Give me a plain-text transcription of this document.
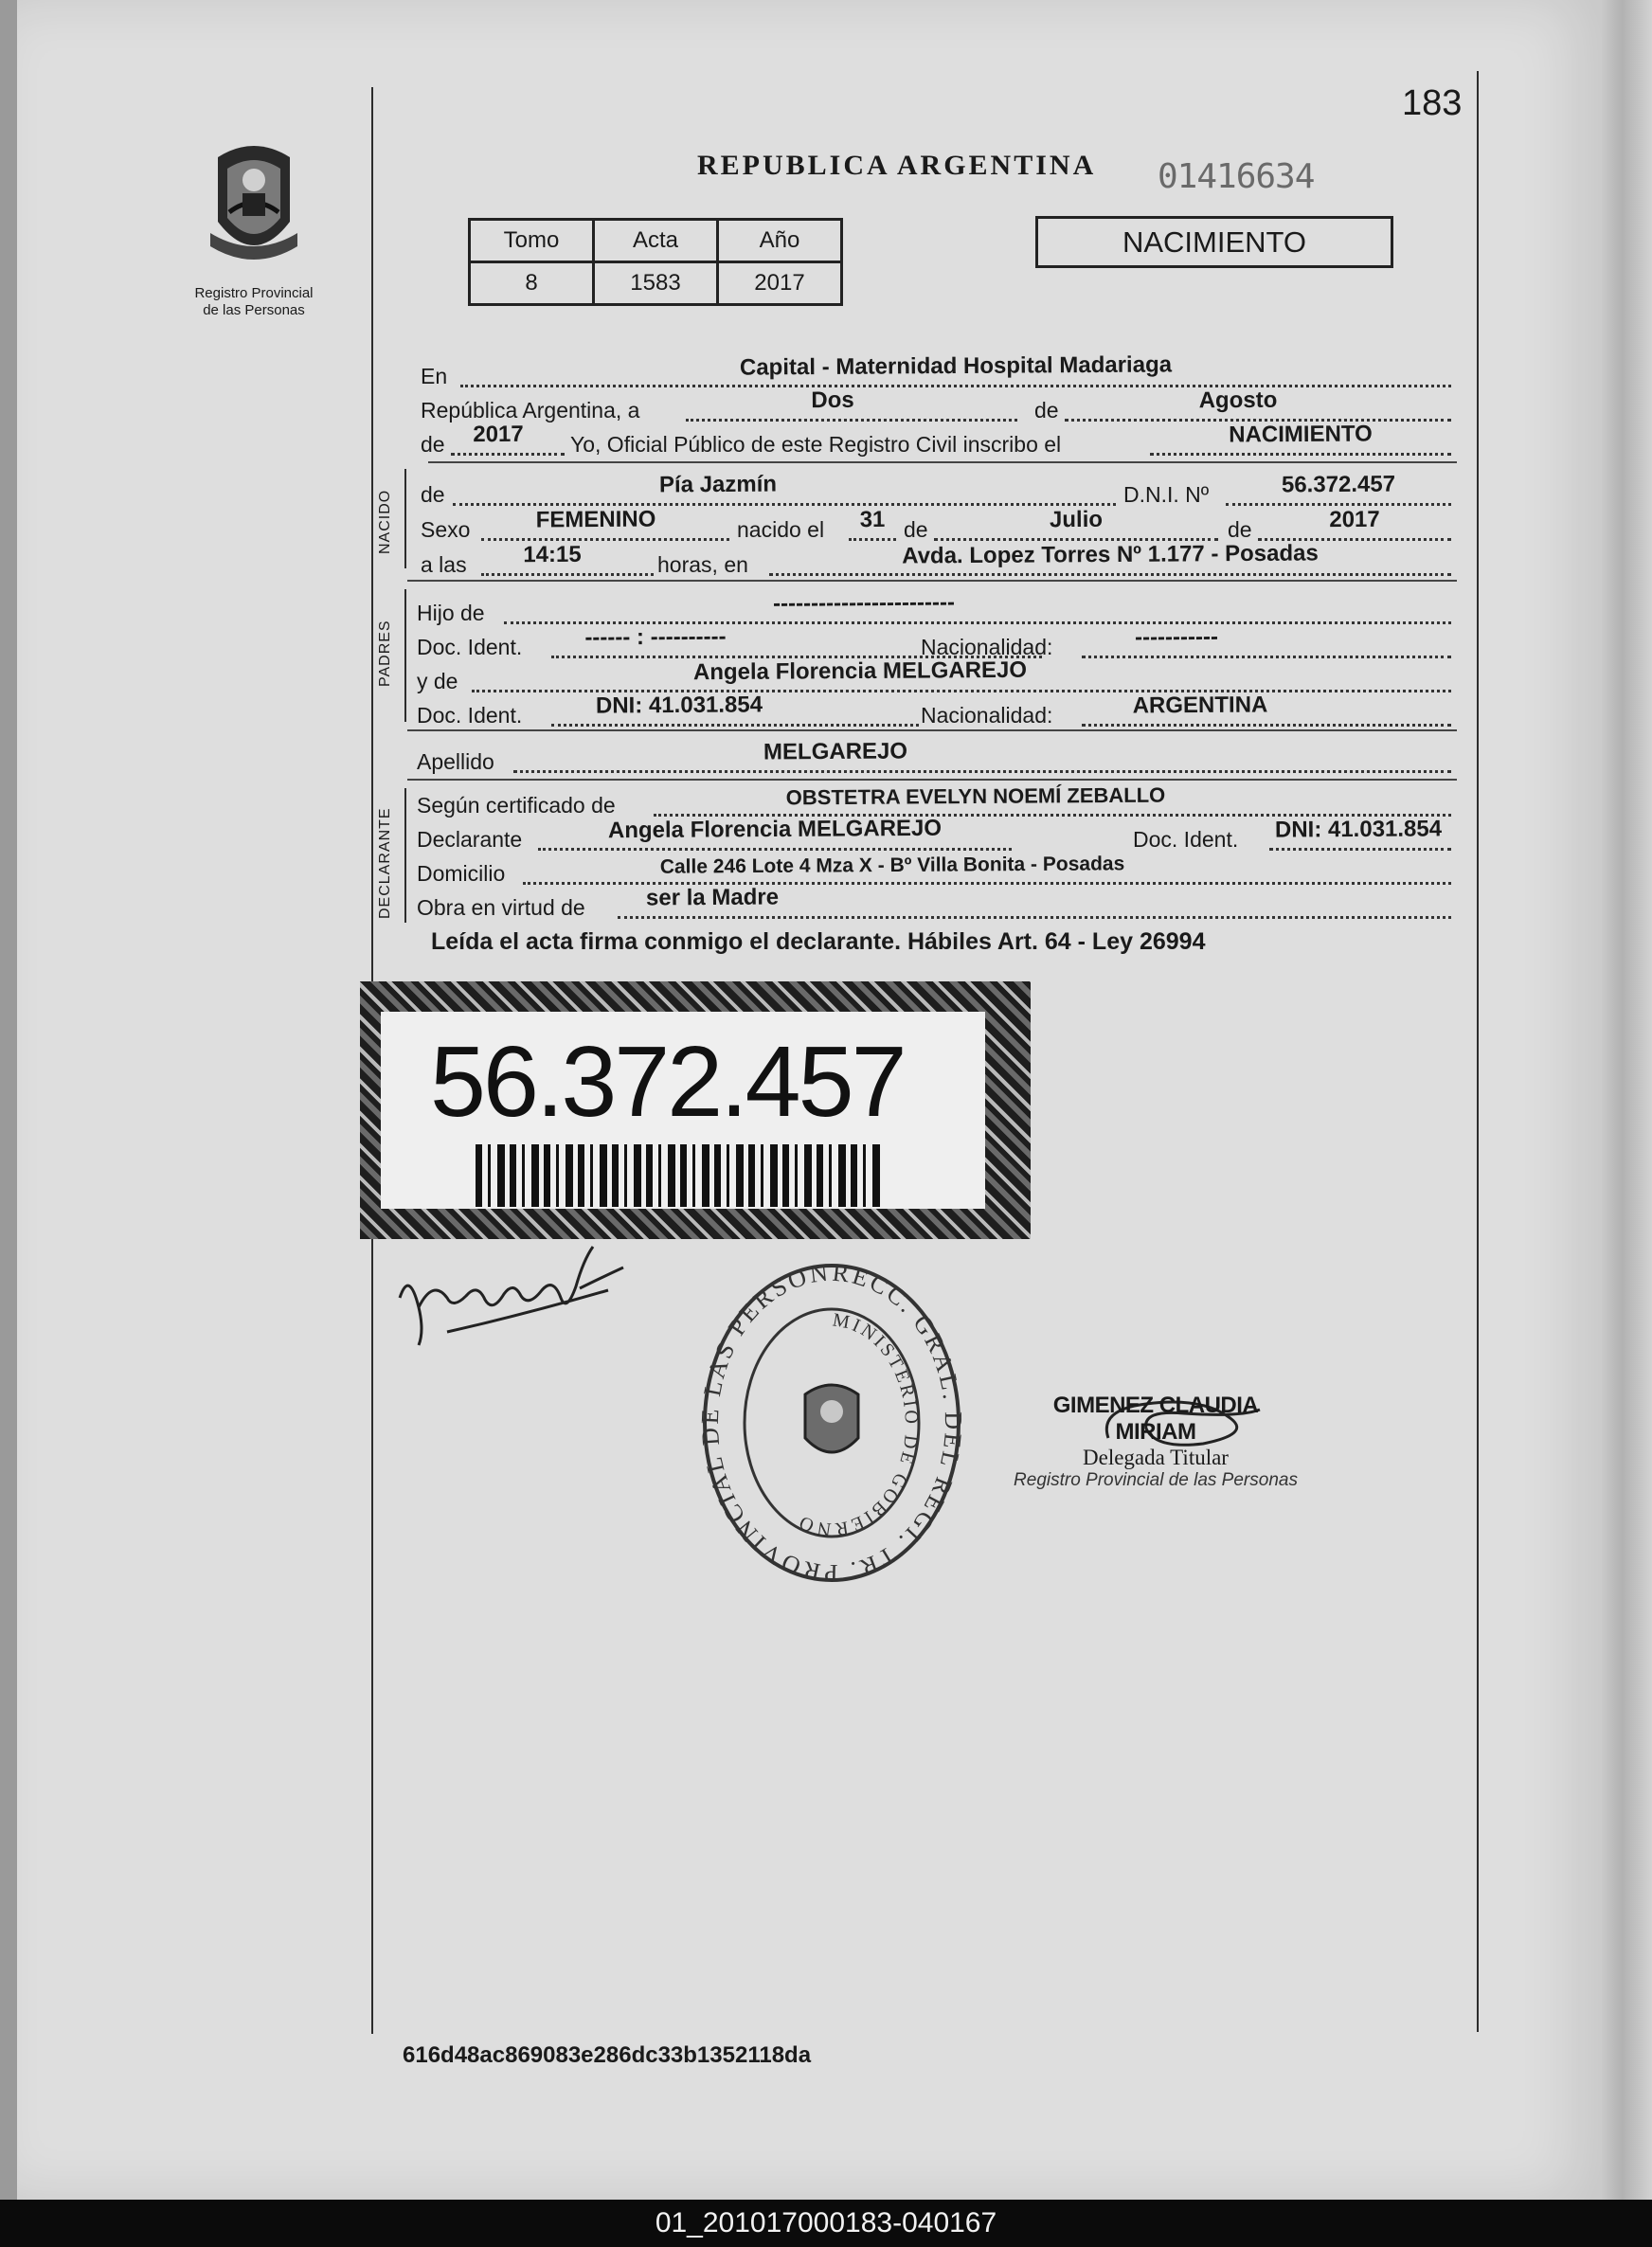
183
REPUBLICA ARGENTINA 01416634
Registro Provincial
de las Personas
Tomo	Acta	Año
8	1583	2017
NACIMIENTO
En	Capital - Maternidad Hospital Madariaga
República Argentina, a	Dos	de	Agosto
de	2017	Yo, Oficial Público de este Registro Civil inscribo el	NACIMIENTO
NACIDO de	Pía Jazmín	D.N.I. Nº	56.372.457
Sexo	FEMENINO	nacido el	31 de	Julio	de	2017
a las	14:15	horas, en	Avda. Lopez Torres Nº 1.177 - Posadas
PADRES
Hijo de	------------------------
Doc. Ident.	------ : ----------	Nacionalidad:	-----------
y de	Angela Florencia MELGAREJO
Doc. Ident.	DNI: 41.031.854	Nacionalidad:	ARGENTINA
Apellido	MELGAREJO
DECLARANTE
Según certificado de	OBSTETRA EVELYN NOEMÍ ZEBALLO
Declarante	Angela Florencia MELGAREJO	Doc. Ident.	DNI: 41.031.854
Domicilio	Calle 246 Lote 4 Mza X - Bº Villa Bonita - Posadas
Obra en virtud de	ser la Madre
Leída el acta firma conmigo el declarante. Hábiles Art. 64 - Ley 26994
56.372.457
RECC. GRAL. DEL REGI. TR. PROVINCIAL DE LAS PERSON
MINISTERIO DE GOBIERNO
GIMENEZ CLAUDIA MIRIAM
Delegada Titular
Registro Provincial de las Personas
616d48ac869083e286dc33b1352118da
01_201017000183-040167
